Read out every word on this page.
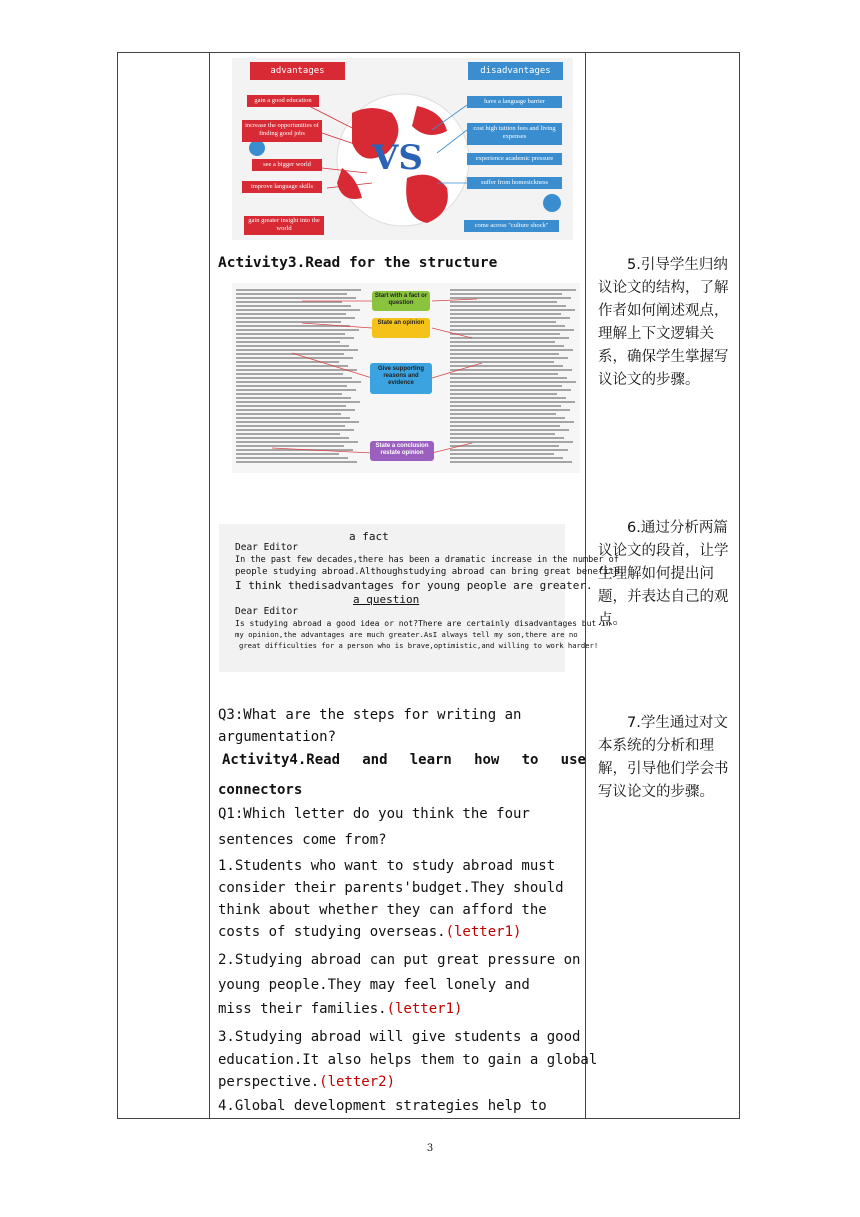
advantages	disadvantages
VS
gain a good education
increase the opportunities of finding good jobs
see a bigger world
improve language skills
gain greater insight into the world
have a language barrier
cost high tuition fees and living expenses
experience academic pressure
suffer from homesickness
come across "culture shock"
Activity3.Read for the structure
Start with a fact or question
State an opinion
Give supporting reasons and evidence
State a conclusion restate opinion
a fact
Dear Editor
In the past few decades,there has been a dramatic increase in the number of
people studying abroad.Althoughstudying abroad can bring great benefits,
I think thedisadvantages for young people are greater.
a question
Dear Editor
Is studying abroad a good idea or not?There are certainly disadvantages but in
my opinion,the advantages are much greater.AsI always tell my son,there are no
great difficulties for a person who is brave,optimistic,and willing to work harder!
Q3:What are the steps for writing an
argumentation?
Activity4.Read and learn how to use
connectors
Q1:Which letter do you think the four
sentences come from?
1.Students who want to study abroad must
consider their parents'budget.They should
think about whether they can afford the
costs of studying overseas.(letter1)
2.Studying abroad can put great pressure on
young people.They may feel lonely and
miss their families.(letter1)
3.Studying abroad will give students a good
education.It also helps them to gain a global
perspective.(letter2)
4.Global development strategies help to
5.引导学生归纳议论文的结构，了解作者如何阐述观点，理解上下文逻辑关系，确保学生掌握写议论文的步骤。
6.通过分析两篇议论文的段首，让学生理解如何提出问题，并表达自己的观点。
7.学生通过对文本系统的分析和理解，引导他们学会书写议论文的步骤。
3
